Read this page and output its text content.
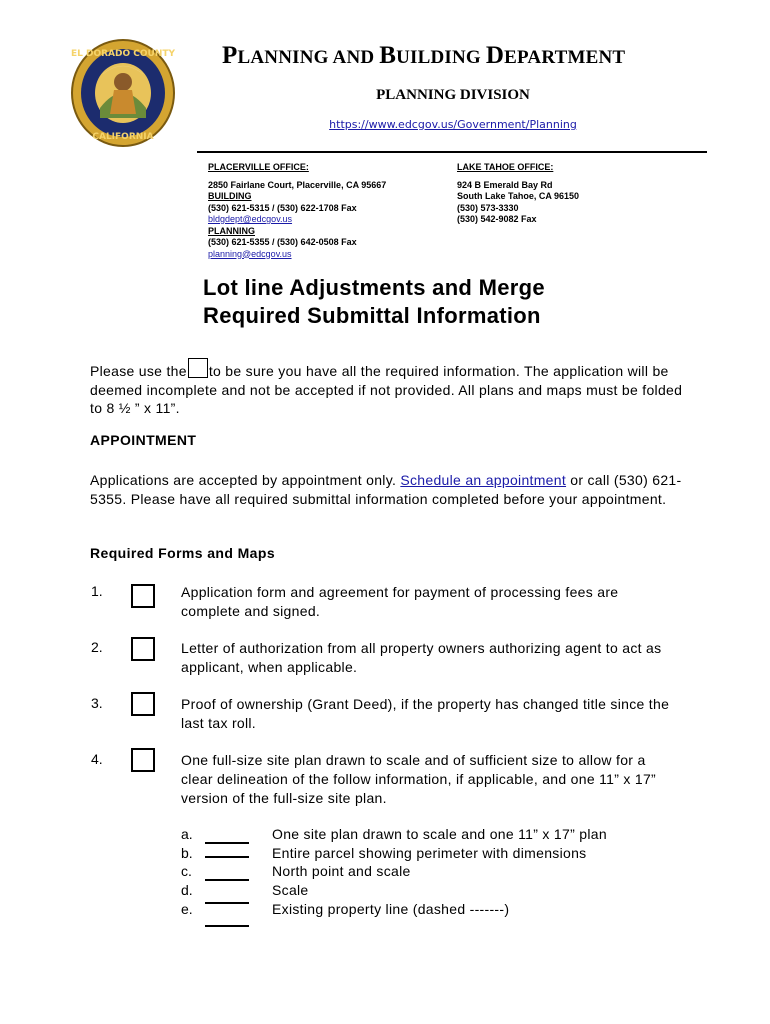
EL DORADO COUNTY
CALIFORNIA
PLANNING AND BUILDING DEPARTMENT
PLANNING DIVISION
https://www.edcgov.us/Government/Planning
PLACERVILLE OFFICE:
2850 Fairlane Court, Placerville, CA 95667
BUILDING
(530) 621-5315 / (530) 622-1708 Fax
bldgdept@edcgov.us
PLANNING
(530) 621-5355 / (530) 642-0508 Fax
planning@edcgov.us
LAKE TAHOE OFFICE:
924 B Emerald Bay Rd
South Lake Tahoe, CA 96150
(530) 573-3330
(530) 542-9082 Fax
Lot line Adjustments and Merge
Required Submittal Information
Please use the to be sure you have all the required information. The application will be deemed incomplete and not be accepted if not provided. All plans and maps must be folded to 8 ½ ” x 11”.
APPOINTMENT
Applications are accepted by appointment only. Schedule an appointment or call (530) 621-5355. Please have all required submittal information completed before your appointment.
Required Forms and Maps
1.	Application form and agreement for payment of processing fees are complete and signed.
2.	Letter of authorization from all property owners authorizing agent to act as applicant, when applicable.
3.	Proof of ownership (Grant Deed), if the property has changed title since the last tax roll.
4.	One full-size site plan drawn to scale and of sufficient size to allow for a clear delineation of the follow information, if applicable, and one 11” x 17” version of the full-size site plan.
a.	One site plan drawn to scale and one 11” x 17” plan
b.	Entire parcel showing perimeter with dimensions
c.	North point and scale
d.	Scale
e.	Existing property line (dashed -------)
